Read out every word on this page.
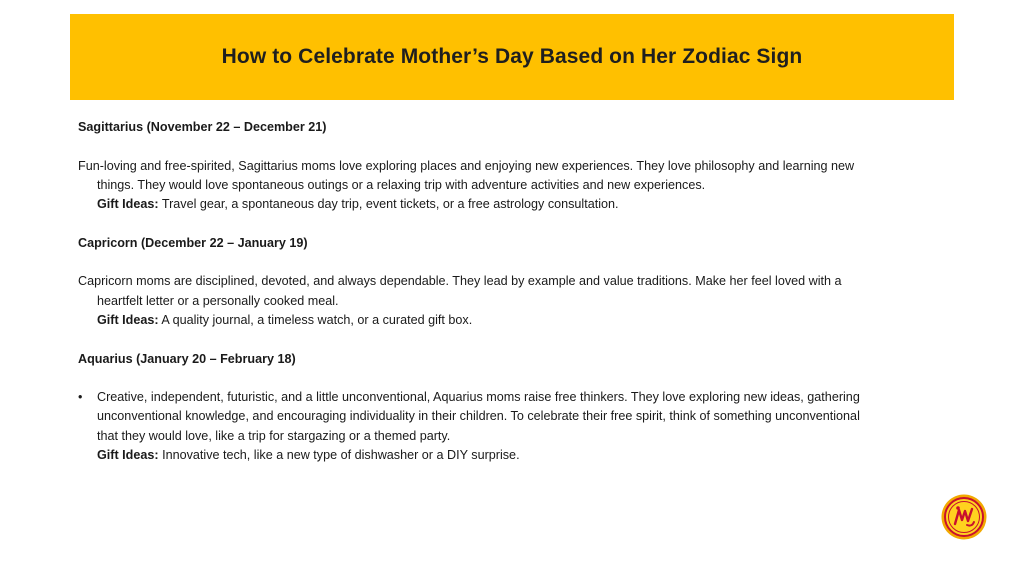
How to Celebrate Mother’s Day Based on Her Zodiac Sign

Sagittarius (November 22 – December 21)

Fun-loving and free-spirited, Sagittarius moms love exploring places and enjoying new experiences. They love philosophy and learning new
things. They would love spontaneous outings or a relaxing trip with adventure activities and new experiences.
Gift Ideas: Travel gear, a spontaneous day trip, event tickets, or a free astrology consultation.

Capricorn (December 22 – January 19)

Capricorn moms are disciplined, devoted, and always dependable. They lead by example and value traditions. Make her feel loved with a
heartfelt letter or a personally cooked meal.
Gift Ideas: A quality journal, a timeless watch, or a curated gift box.

Aquarius (January 20 – February 18)

•	Creative, independent, futuristic, and a little unconventional, Aquarius moms raise free thinkers. They love exploring new ideas, gathering
unconventional knowledge, and encouraging individuality in their children. To celebrate their free spirit, think of something unconventional
that they would love, like a trip for stargazing or a themed party.
Gift Ideas: Innovative tech, like a new type of dishwasher or a DIY surprise.
